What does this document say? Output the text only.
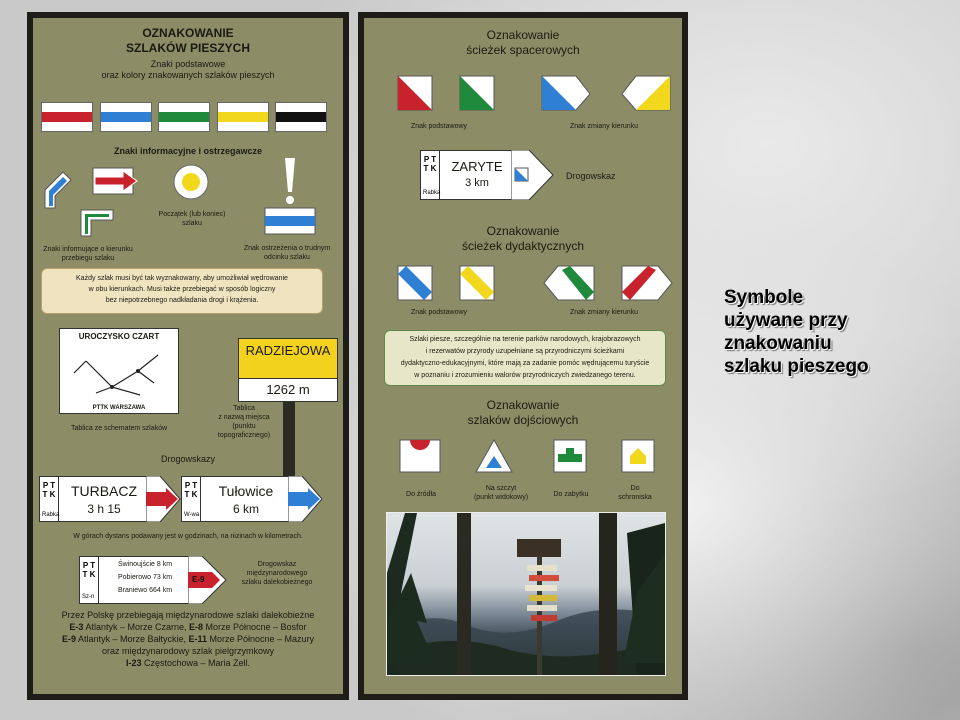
OZNAKOWANIE
SZLAKÓW PIESZYCH
Znaki podstawowe
oraz kolory znakowanych szlaków pieszych
Znaki informacyjne i ostrzegawcze
Znaki informujące o kierunku
przebiegu szlaku
Początek (lub koniec)
szlaku
Znak ostrzeżenia o trudnym
odcinku szlaku
Każdy szlak musi być tak wyznakowany, aby umożliwiał wędrowanie
w obu kierunkach. Musi także przebiegać w sposób logiczny
bez niepotrzebnego nadkładania drogi i krążenia.
UROCZYSKO CZART
PTTK WARSZAWA
Tablica ze schematem szlaków
RADZIEJOWA
1262 m
Tablica
z nazwą miejsca
(punktu
topograficznego)
Drogowskazy
P T T K	TURBACZ
3 h 15
Rabka
P T T K	Tułowice
6 km
W-wa
W górach dystans podawany jest w godzinach, na nizinach w kilometrach.
P T T K
Świnoujście 8 km
Pobierowo 73 km
Braniewo 664 km
Sz-n
E-9
Drogowskaz
międzynarodowego
szlaku dalekobieżnego
Przez Polskę przebiegają międzynarodowe szlaki dalekobieżne
E-3 Atlantyk – Morze Czarne, E-8 Morze Północne – Bosfor
E-9 Atlantyk – Morze Bałtyckie, E-11 Morze Północne – Mazury
oraz międzynarodowy szlak pielgrzymkowy
I-23 Częstochowa – Maria Zell.
Oznakowanie
ścieżek spacerowych
Znak podstawowy	Znak zmiany kierunku
P T T K	ZARYTE
3 km
Rabka
Drogowskaz
Oznakowanie
ścieżek dydaktycznych
Znak podstawowy	Znak zmiany kierunku
Szlaki piesze, szczególnie na terenie parków narodowych, krajobrazowych
i rezerwatów przyrody uzupełniane są przyrodniczymi ścieżkami
dydaktyczno-edukacyjnymi, które mają za zadanie pomóc wędrującemu turyście
w poznaniu i zrozumieniu walorów przyrodniczych zwiedzanego terenu.
Oznakowanie
szlaków dojściowych
Do źródła
Na szczyt
(punkt widokowy)	Do zabytku
Do
schroniska
Symbole
używane przy
znakowaniu
szlaku pieszego
